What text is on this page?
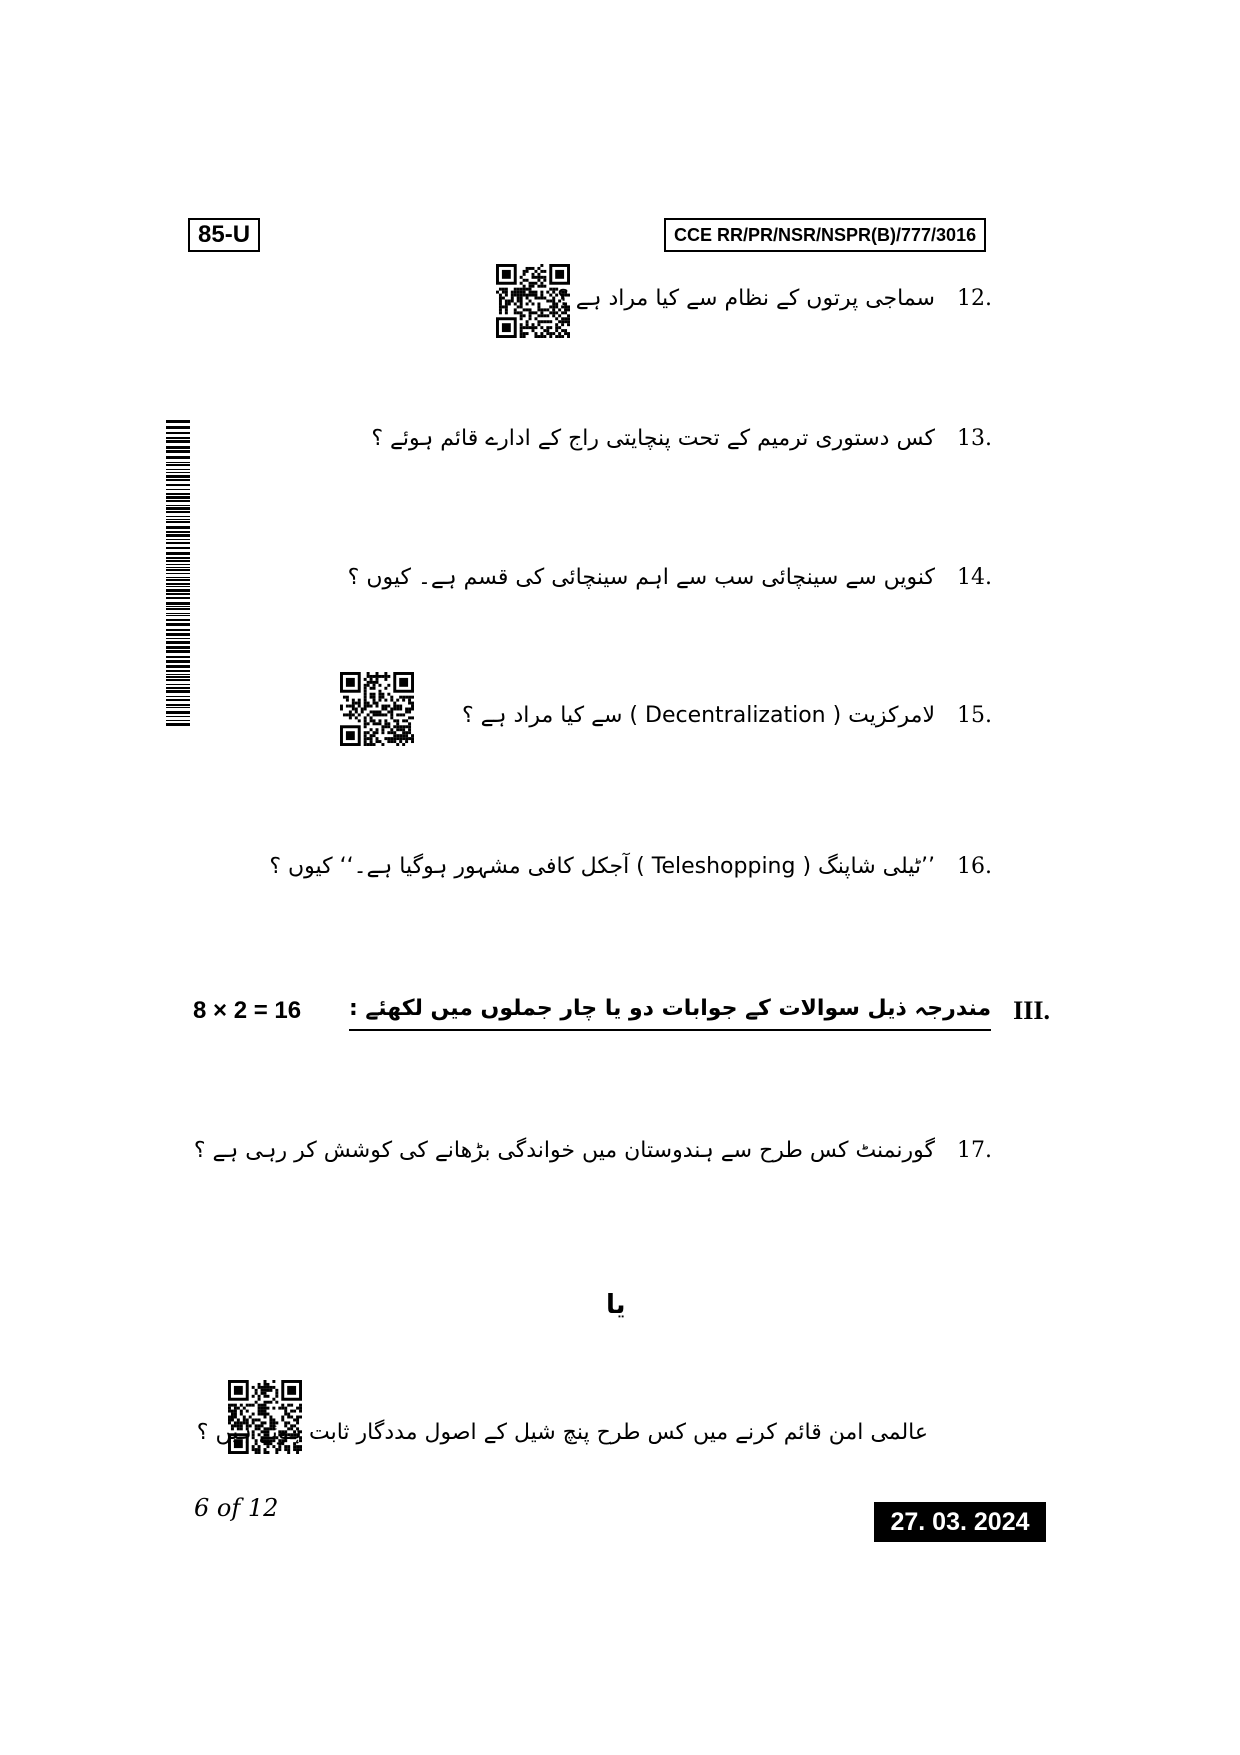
85-U	CCE RR/PR/NSR/NSPR(B)/777/3016
12.
سماجی پرتوں کے نظام سے کیا مراد ہے ؟
13.
کس دستوری ترمیم کے تحت پنچایتی راج کے ادارے قائم ہوئے ؟
14.
کنویں سے سینچائی سب سے اہم سینچائی کی قسم ہے۔ کیوں ؟
15.
لامرکزیت ( Decentralization ) سے کیا مراد ہے ؟
16.
’’ٹیلی شاپنگ ( Teleshopping ) آجکل کافی مشہور ہوگیا ہے۔‘‘ کیوں ؟
8 × 2 = 16	III.
مندرجہ ذیل سوالات کے جوابات دو یا چار جملوں میں لکھئے :
17.
گورنمنٹ کس طرح سے ہندوستان میں خواندگی بڑھانے کی کوشش کر رہی ہے ؟
یا
عالمی امن قائم کرنے میں کس طرح پنچ شیل کے اصول مددگار ثابت ہوئے ہیں ؟
6 of 12	27. 03. 2024
